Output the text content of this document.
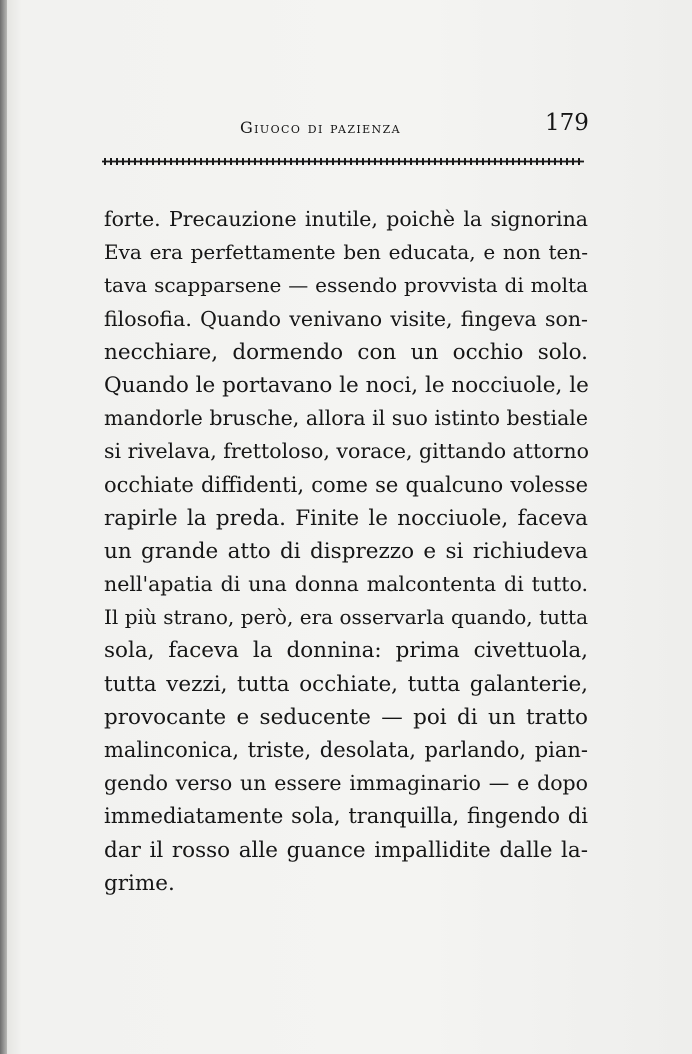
Giuoco di pazienza	179
forte. Precauzione inutile, poichè la signorina
Eva era perfettamente ben educata, e non ten-
tava scapparsene — essendo provvista di molta
filosofia. Quando venivano visite, fingeva son-
necchiare, dormendo con un occhio solo.
Quando le portavano le noci, le nocciuole, le
mandorle brusche, allora il suo istinto bestiale
si rivelava, frettoloso, vorace, gittando attorno
occhiate diffidenti, come se qualcuno volesse
rapirle la preda. Finite le nocciuole, faceva
un grande atto di disprezzo e si richiudeva
nell'apatia di una donna malcontenta di tutto.
Il più strano, però, era osservarla quando, tutta
sola, faceva la donnina: prima civettuola,
tutta vezzi, tutta occhiate, tutta galanterie,
provocante e seducente — poi di un tratto
malinconica, triste, desolata, parlando, pian-
gendo verso un essere immaginario — e dopo
immediatamente sola, tranquilla, fingendo di
dar il rosso alle guance impallidite dalle la-
grime.
